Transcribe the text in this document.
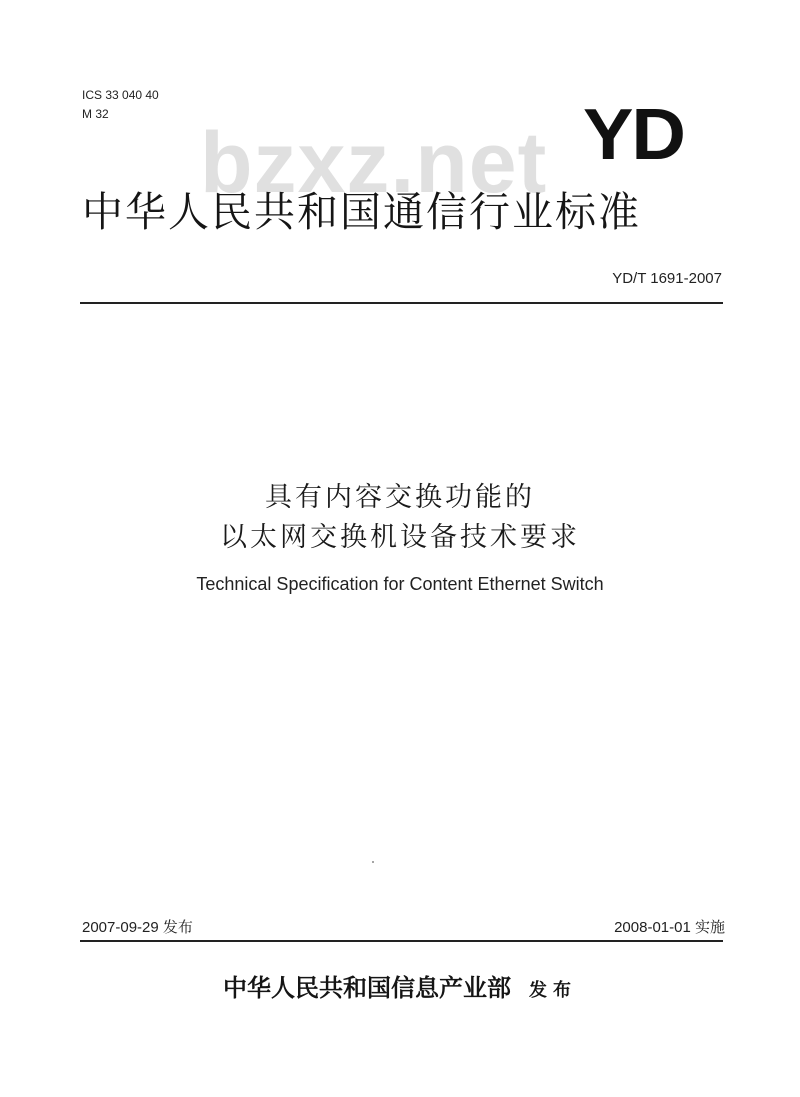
ICS 33 040 40
M 32
bzxz.net YD
中华人民共和国通信行业标准
YD/T 1691-2007
具有内容交换功能的
以太网交换机设备技术要求
Technical Specification for Content Ethernet Switch
2007-09-29 发布	2008-01-01 实施
中华人民共和国信息产业部 发布
